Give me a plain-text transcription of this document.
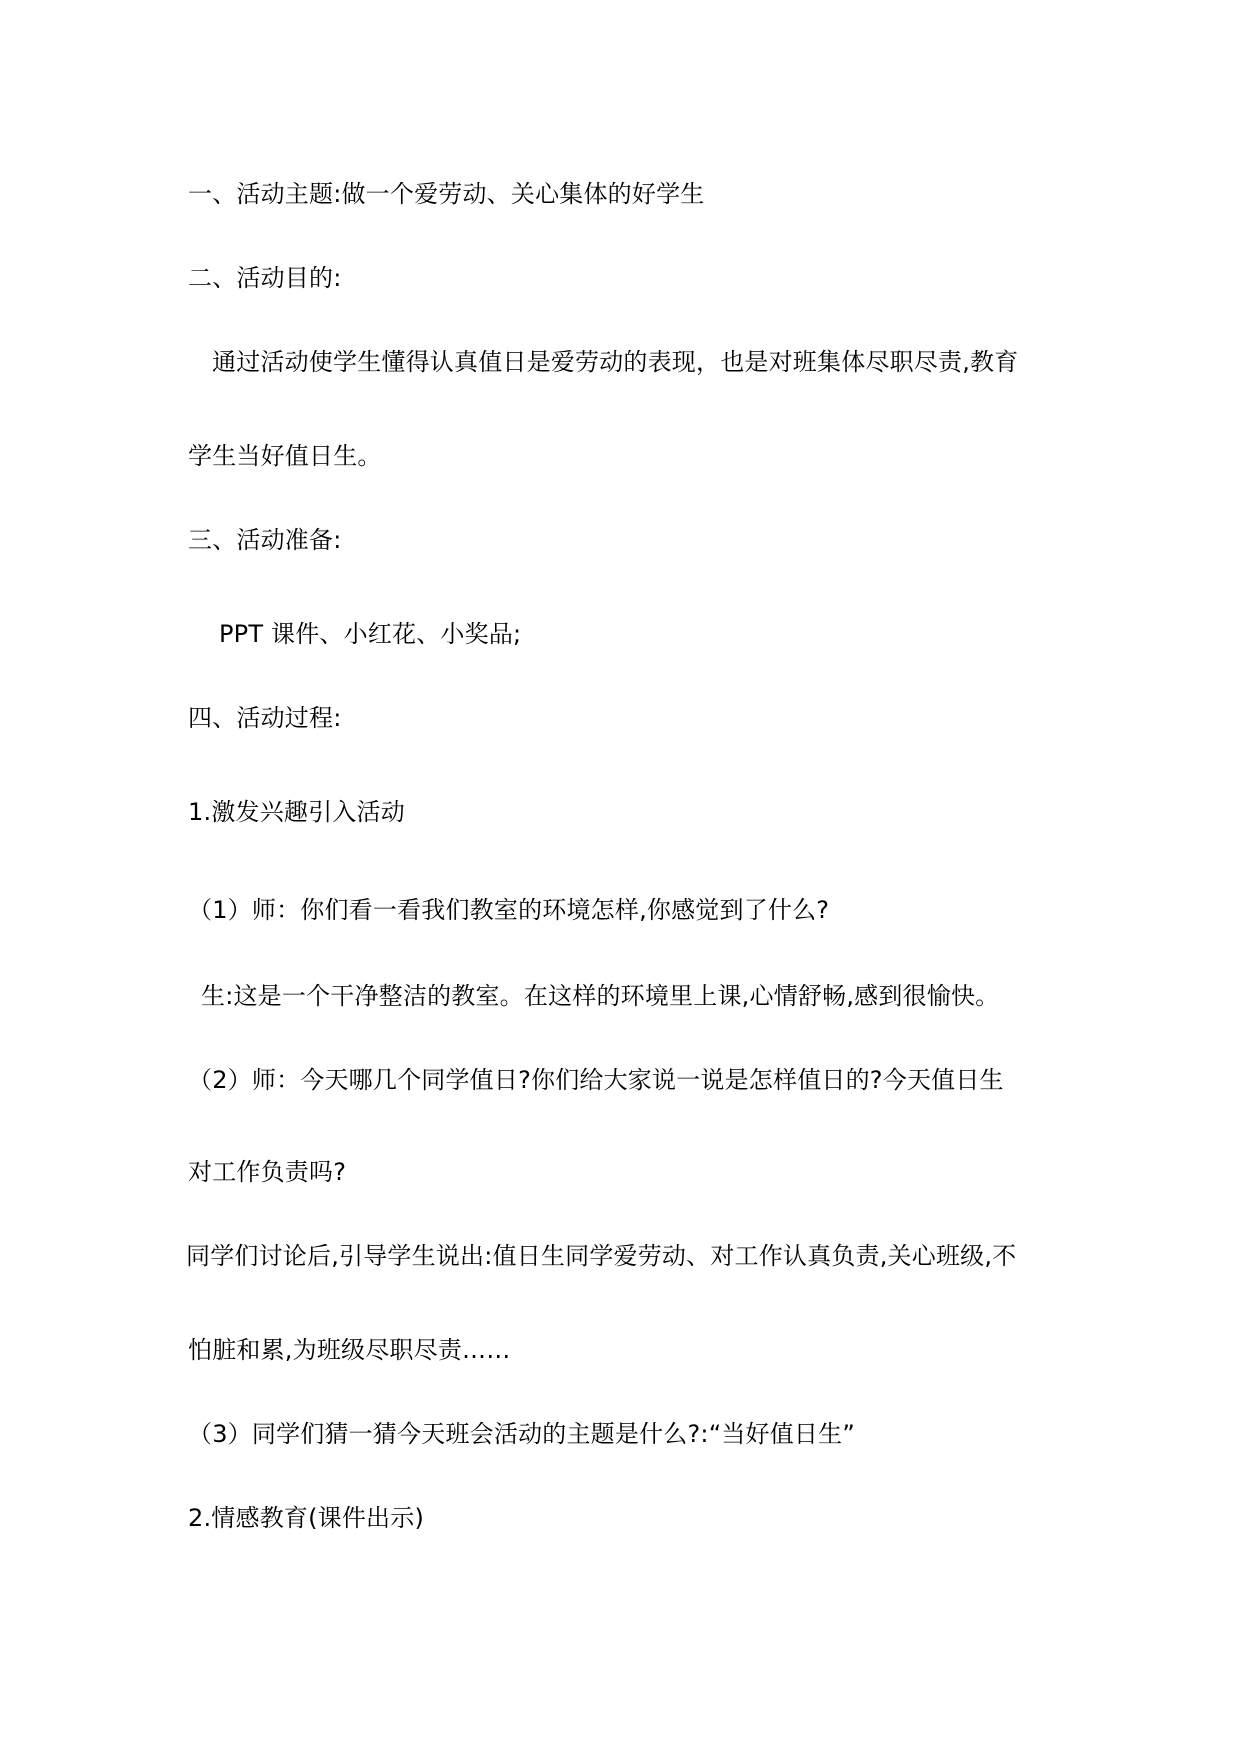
一、活动主题:做一个爱劳动、关心集体的好学生
二、活动目的:
通过活动使学生懂得认真值日是爱劳动的表现，也是对班集体尽职尽责,教育
学生当好值日生。
三、活动准备:
PPT 课件、小红花、小奖品;
四、活动过程:
1.激发兴趣引入活动
（1）师：你们看一看我们教室的环境怎样,你感觉到了什么?
生:这是一个干净整洁的教室。在这样的环境里上课,心情舒畅,感到很愉快。
（2）师：今天哪几个同学值日?你们给大家说一说是怎样值日的?今天值日生
对工作负责吗?
同学们讨论后,引导学生说出:值日生同学爱劳动、对工作认真负责,关心班级,不
怕脏和累,为班级尽职尽责……
（3）同学们猜一猜今天班会活动的主题是什么?:“当好值日生”
2.情感教育(课件出示)
